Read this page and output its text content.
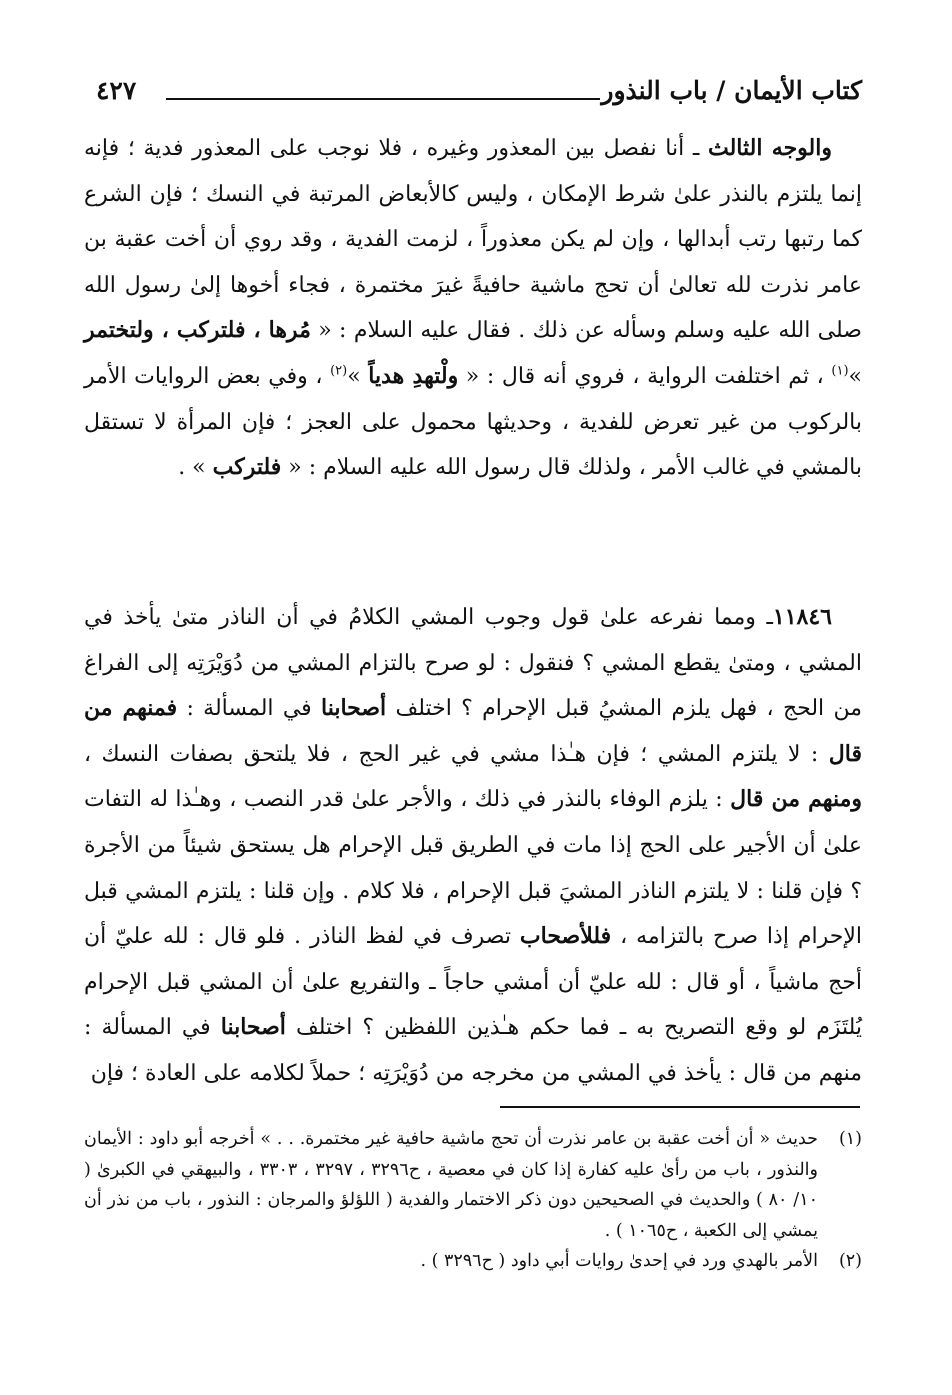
كتاب الأيمان / باب النذور
٤٢٧

والوجه الثالث ـ أنا نفصل بين المعذور وغيره ، فلا نوجب على المعذور فدية ؛ فإنه إنما يلتزم بالنذر علىٰ شرط الإمكان ، وليس كالأبعاض المرتبة في النسك ؛ فإن الشرع كما رتبها رتب أبدالها ، وإن لم يكن معذوراً ، لزمت الفدية ، وقد روي أن أخت عقبة بن عامر نذرت لله تعالىٰ أن تحج ماشية حافيةً غيرَ مختمرة ، فجاء أخوها إلىٰ رسول الله صلى الله عليه وسلم وسأله عن ذلك . فقال عليه السلام : « مُرها ، فلتركب ، ولتختمر »$^{(١)}$ ، ثم اختلفت الرواية ، فروي أنه قال : « ولْتهدِ هدياً »$^{(٢)}$ ، وفي بعض الروايات الأمر بالركوب من غير تعرض للفدية ، وحديثها محمول على العجز ؛ فإن المرأة لا تستقل بالمشي في غالب الأمر ، ولذلك قال رسول الله عليه السلام : « فلتركب » .

١١٨٤٦ـ ومما نفرعه علىٰ قول وجوب المشي الكلامُ في أن الناذر متىٰ يأخذ في المشي ، ومتىٰ يقطع المشي ؟ فنقول : لو صرح بالتزام المشي من دُوَيْرَتِه إلى الفراغ من الحج ، فهل يلزم المشيُ قبل الإحرام ؟ اختلف أصحابنا في المسألة : فمنهم من قال : لا يلتزم المشي ؛ فإن هـٰذا مشي في غير الحج ، فلا يلتحق بصفات النسك ، ومنهم من قال : يلزم الوفاء بالنذر في ذلك ، والأجر علىٰ قدر النصب ، وهـٰذا له التفات علىٰ أن الأجير على الحج إذا مات في الطريق قبل الإحرام هل يستحق شيئاً من الأجرة ؟ فإن قلنا : لا يلتزم الناذر المشيَ قبل الإحرام ، فلا كلام . وإن قلنا : يلتزم المشي قبل الإحرام إذا صرح بالتزامه ، فللأصحاب تصرف في لفظ الناذر . فلو قال : لله عليّ أن أحج ماشياً ، أو قال : لله عليّ أن أمشي حاجاً ـ والتفريع علىٰ أن المشي قبل الإحرام يُلتَزَم لو وقع التصريح به ـ فما حكم هـٰذين اللفظين ؟ اختلف أصحابنا في المسألة : منهم من قال : يأخذ في المشي من مخرجه من دُوَيْرَتِه ؛ حملاً لكلامه على العادة ؛ فإن

(١)
حديث « أن أخت عقبة بن عامر نذرت أن تحج ماشية حافية غير مختمرة. . . » أخرجه أبو داود : الأيمان والنذور ، باب من رأىٰ عليه كفارة إذا كان في معصية ، ح٣٢٩٦ ، ٣٢٩٧ ، ٣٣٠٣ ، والبيهقي في الكبرىٰ ( ١٠/ ٨٠ ) والحديث في الصحيحين دون ذكر الاختمار والفدية ( اللؤلؤ والمرجان : النذور ، باب من نذر أن يمشي إلى الكعبة ، ح١٠٦٥ ) .
(٢)
الأمر بالهدي ورد في إحدىٰ روايات أبي داود ( ح٣٢٩٦ ) .
